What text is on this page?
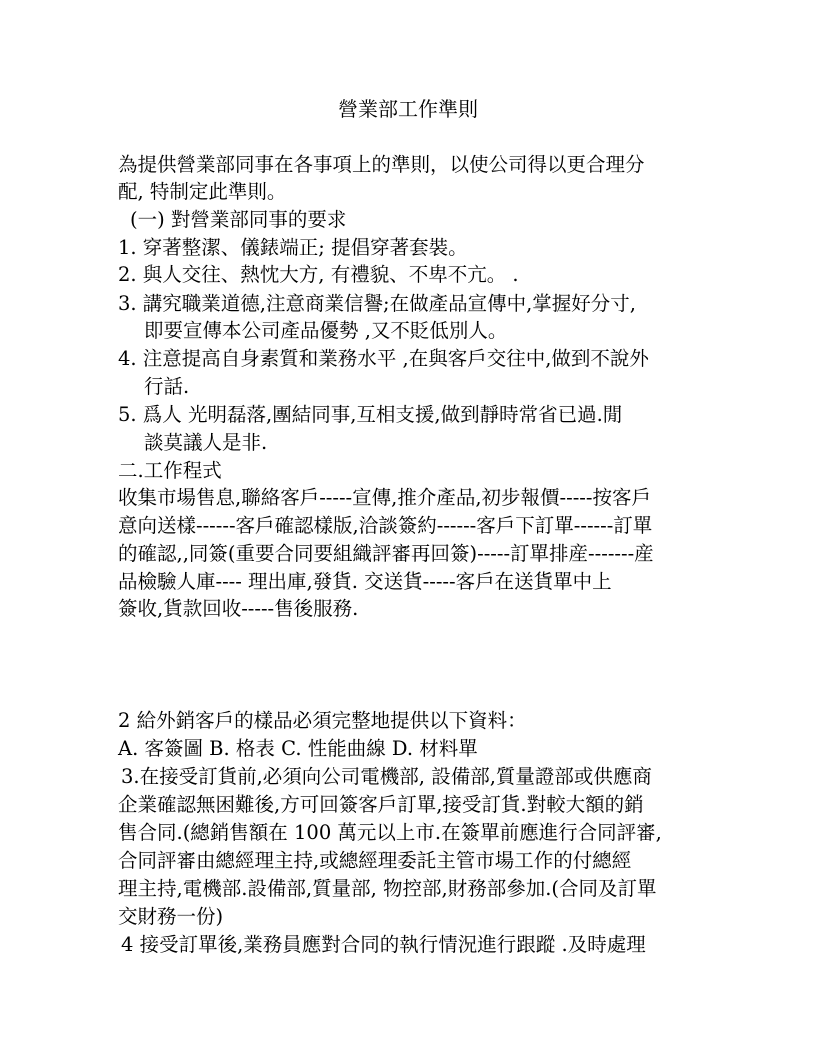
營業部工作準則
為提供營業部同事在各事項上的準則，以使公司得以更合理分
配, 特制定此準則。
(一) 對營業部同事的要求
1. 穿著整潔、儀錶端正; 提倡穿著套裝。
2. 與人交往、熱忱大方, 有禮貌、不卑不亢。 .
3. 講究職業道德,注意商業信譽;在做產品宣傳中,掌握好分寸,
即要宣傳本公司產品優勢 ,又不貶低別人。
4. 注意提高自身素質和業務水平 ,在與客戶交往中,做到不說外
行話.
5. 爲人 光明磊落,團結同事,互相支援,做到靜時常省已過.閒
談莫議人是非.
二.工作程式
收集市場售息,聯絡客戶-----宣傳,推介產品,初步報價-----按客戶
意向送樣------客戶確認樣版,洽談簽約------客戶下訂單------訂單
的確認,,同簽(重要合同要組織評審再回簽)-----訂單排産-------産
品檢驗人庫---- 理出庫,發貨. 交送貨-----客戶在送貨單中上
簽收,貨款回收-----售後服務.
2 給外銷客戶的樣品必須完整地提供以下資料：
A. 客簽圖 B. 格表 C. 性能曲線 D. 材料單
3.在接受訂貨前,必須向公司電機部, 設備部,質量證部或供應商
企業確認無困難後,方可回簽客戶訂單,接受訂貨.對較大額的銷
售合同.(總銷售額在 100 萬元以上市.在簽單前應進行合同評審,
合同評審由總經理主持,或總經理委託主管市場工作的付總經
理主持,電機部.設備部,質量部, 物控部,財務部參加.(合同及訂單
交財務一份)
4 接受訂單後,業務員應對合同的執行情況進行跟蹤 .及時處理
